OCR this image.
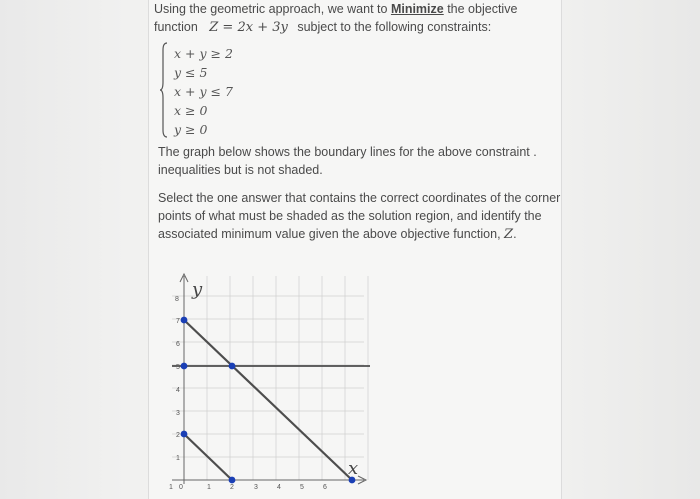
Using the geometric approach, we want to Minimize the objective
function Z = 2x + 3y subject to the following constraints:
x + y ≥ 2
y ≤ 5
x + y ≤ 7
x ≥ 0
y ≥ 0
The graph below shows the boundary lines for the above constraint .
inequalities but is not shaded.
Select the one answer that contains the correct coordinates of the corner
points of what must be shaded as the solution region, and identify the
associated minimum value given the above objective function, Z.
y
x
8
7
6
5
4
3
2
1
1 0	1	2	3	4	5	6
